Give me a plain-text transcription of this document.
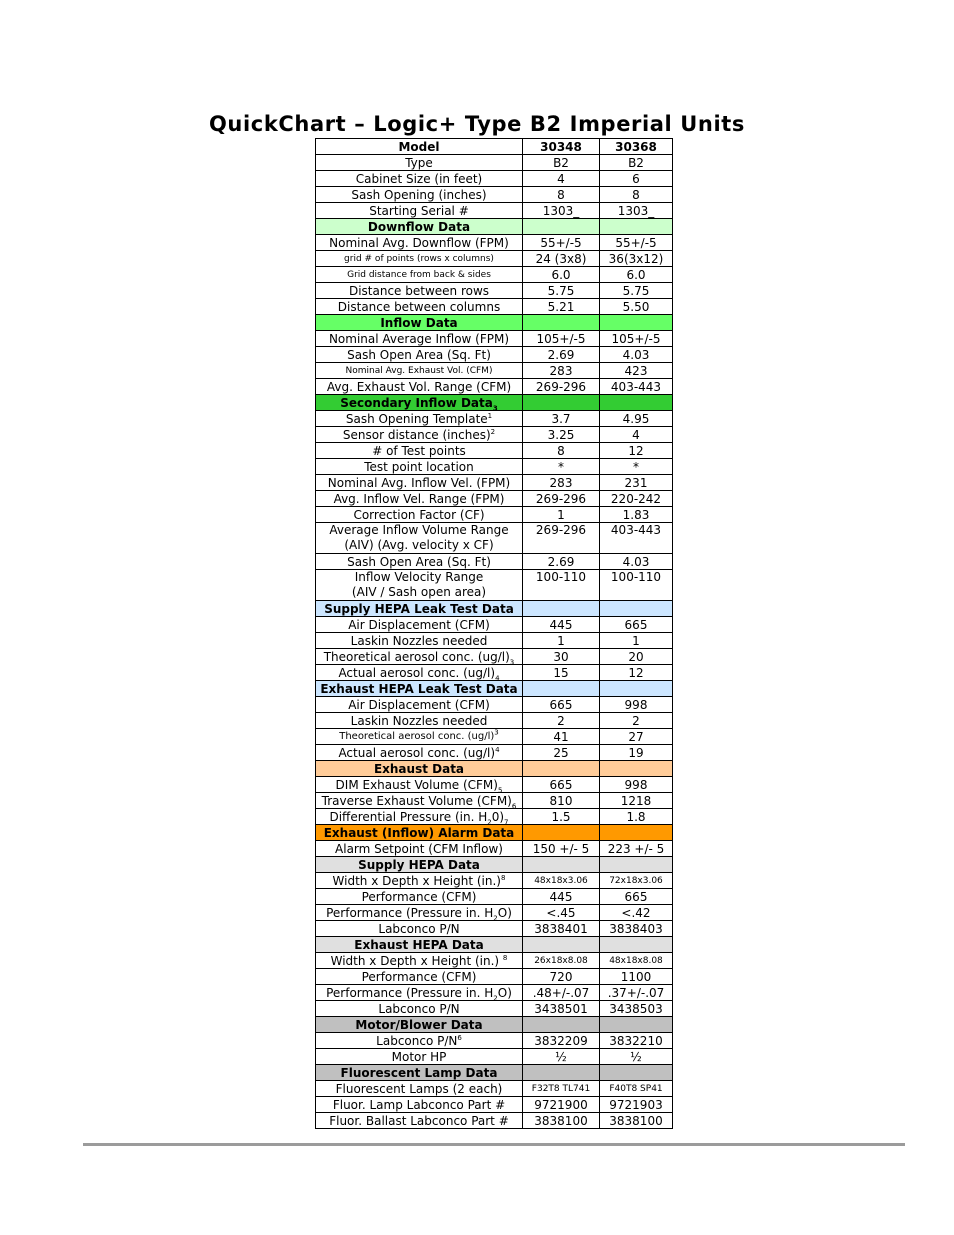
QuickChart – Logic+ Type B2 Imperial Units
Model	30348	30368
Type	B2	B2
Cabinet Size (in feet)	4	6
Sash Opening (inches)	8	8
Starting Serial #	1303_	1303_
Downflow Data		
Nominal Avg. Downflow (FPM)	55+/-5	55+/-5
grid # of points (rows x columns)	24 (3x8)	36(3x12)
Grid distance from back & sides	6.0	6.0
Distance between rows	5.75	5.75
Distance between columns	5.21	5.50
Inflow Data		
Nominal Average Inflow (FPM)	105+/-5	105+/-5
Sash Open Area (Sq. Ft)	2.69	4.03
Nominal Avg. Exhaust Vol. (CFM)	283	423
Avg. Exhaust Vol. Range (CFM)	269-296	403-443
Secondary Inflow Data$_3$		
Sash Opening Template$^1$	3.7	4.95
Sensor distance (inches)$^2$	3.25	4
# of Test points	8	12
Test point location	*	*
Nominal Avg. Inflow Vel. (FPM)	283	231
Avg. Inflow Vel. Range (FPM)	269-296	220-242
Correction Factor (CF)	1	1.83
Average Inflow Volume Range
(AIV) (Avg. velocity x CF)	269-296	403-443
Sash Open Area (Sq. Ft)	2.69	4.03
Inflow Velocity Range
(AIV / Sash open area)	100-110	100-110
Supply HEPA Leak Test Data		
Air Displacement (CFM)	445	665
Laskin Nozzles needed	1	1
Theoretical aerosol conc. $(ug/l)_3$	30	20
Actual aerosol conc. $(ug/l)_4$	15	12
Exhaust HEPA Leak Test Data		
Air Displacement (CFM)	665	998
Laskin Nozzles needed	2	2
Theoretical aerosol conc. $(ug/l)^3$	41	27
Actual aerosol conc. $(ug/l)^4$	25	19
Exhaust Data		
DIM Exhaust Volume $(CFM)_5$	665	998
Traverse Exhaust Volume $(CFM)_6$	810	1218
Differential Pressure (in. $H_20)_7$	1.5	1.8
Exhaust (Inflow) Alarm Data		
Alarm Setpoint (CFM Inflow)	150 +/- 5	223 +/- 5
Supply HEPA Data		
Width x Depth x Height $(in.)^8$	48x18x3.06	72x18x3.06
Performance (CFM)	445	665
Performance (Pressure in. $H_2O$)	<.45	<.42
Labconco P/N	3838401	3838403
Exhaust HEPA Data		
Width x Depth x Height (in.) $^8$	26x18x8.08	48x18x8.08
Performance (CFM)	720	1100
Performance (Pressure in. $H_2O$)	.48+/-.07	.37+/-.07
Labconco P/N	3438501	3438503
Motor/Blower Data		
Labconco $P/N^6$	3832209	3832210
Motor HP	½	½
Fluorescent Lamp Data		
Fluorescent Lamps (2 each)	F32T8 TL741	F40T8 SP41
Fluor. Lamp Labconco Part #	9721900	9721903
Fluor. Ballast Labconco Part #	3838100	3838100
